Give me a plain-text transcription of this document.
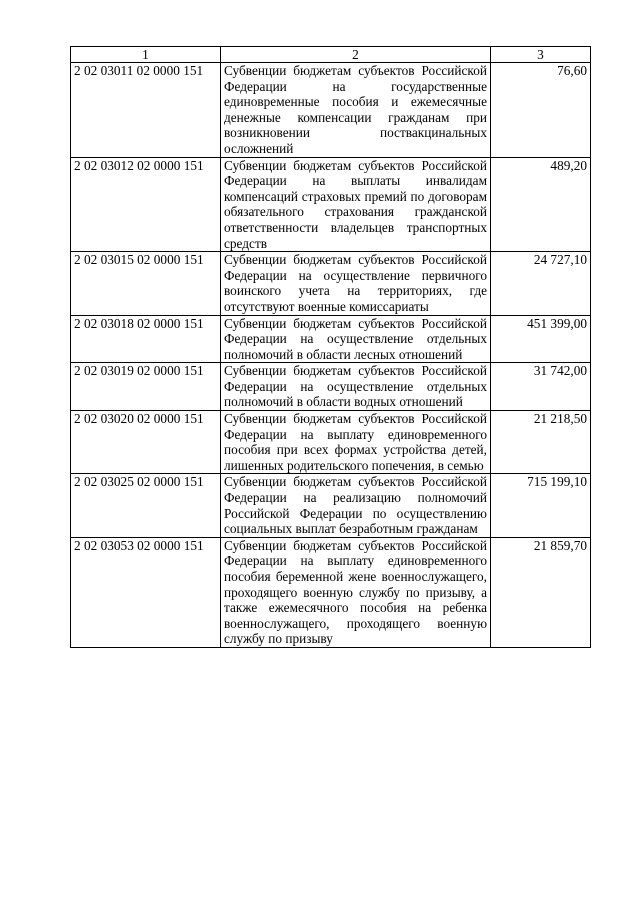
1	2	3
2 02 03011 02 0000 151	Субвенции бюджетам субъектов Российской Федерации на государственные единовременные пособия и ежемесячные денежные компенсации гражданам при возникновении поствакцинальных осложнений	76,60
2 02 03012 02 0000 151	Субвенции бюджетам субъектов Российской Федерации на выплаты инвалидам компенсаций страховых премий по договорам обязательного страхования гражданской ответственности владельцев транспортных средств	489,20
2 02 03015 02 0000 151	Субвенции бюджетам субъектов Российской Федерации на осуществление первичного воинского учета на территориях, где отсутствуют военные комиссариаты	24 727,10
2 02 03018 02 0000 151	Субвенции бюджетам субъектов Российской Федерации на осуществление отдельных полномочий в области лесных отношений	451 399,00
2 02 03019 02 0000 151	Субвенции бюджетам субъектов Российской Федерации на осуществление отдельных полномочий в области водных отношений	31 742,00
2 02 03020 02 0000 151	Субвенции бюджетам субъектов Российской Федерации на выплату единовременного пособия при всех формах устройства детей, лишенных родительского попечения, в семью	21 218,50
2 02 03025 02 0000 151	Субвенции бюджетам субъектов Российской Федерации на реализацию полномочий Российской Федерации по осуществлению социальных выплат безработным гражданам	715 199,10
2 02 03053 02 0000 151	Субвенции бюджетам субъектов Российской Федерации на выплату единовременного пособия беременной жене военнослужащего, проходящего военную службу по призыву, а также ежемесячного пособия на ребенка военнослужащего, проходящего военную службу по призыву	21 859,70
